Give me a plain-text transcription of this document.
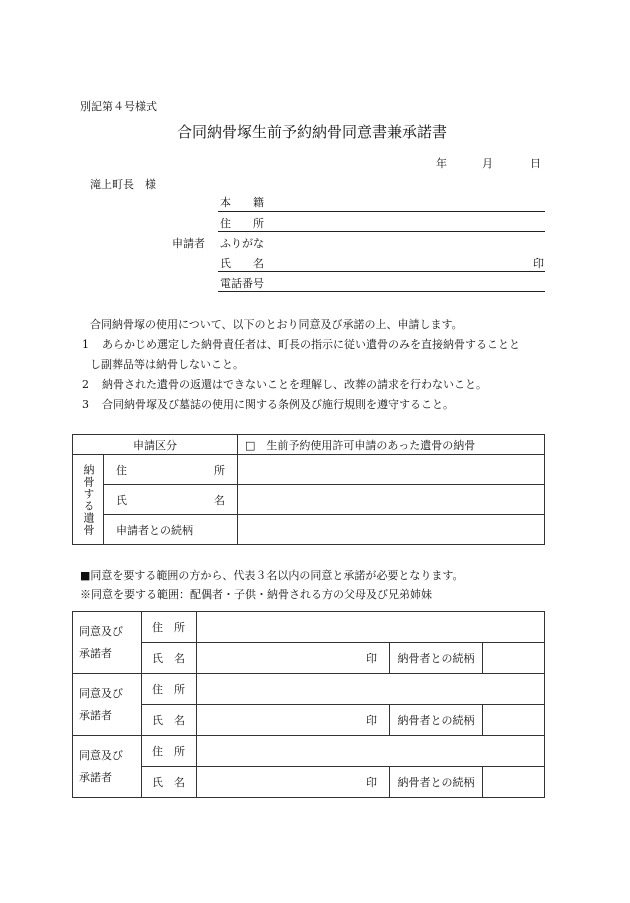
別記第４号様式
合同納骨塚生前予約納骨同意書兼承諾書
年	月	日
滝上町長　様
申請者
本　　籍
住　　所
ふりがな
氏　　名	印
電話番号
合同納骨塚の使用について、以下のとおり同意及び承諾の上、申請します。
1 あらかじめ選定した納骨責任者は、町長の指示に従い遺骨のみを直接納骨することと
し副葬品等は納骨しないこと。
2 納骨された遺骨の返還はできないことを理解し、改葬の請求を行わないこと。
3 合同納骨塚及び墓誌の使用に関する条例及び施行規則を遵守すること。
申請区分		□　生前予約使用許可申請のあった遺骨の納骨

納骨する遺骨	住 所	

	氏 名	

	申請者との続柄	
■同意を要する範囲の方から、代表３名以内の同意と承諾が必要となります。
※同意を要する範囲：配偶者・子供・納骨される方の父母及び兄弟姉妹
同意及び
承諾者	住　所			
	氏　名	印	納骨者との続柄	

同意及び
承諾者	住　所			
	氏　名	印	納骨者との続柄	

同意及び
承諾者	住　所			
	氏　名	印	納骨者との続柄	
